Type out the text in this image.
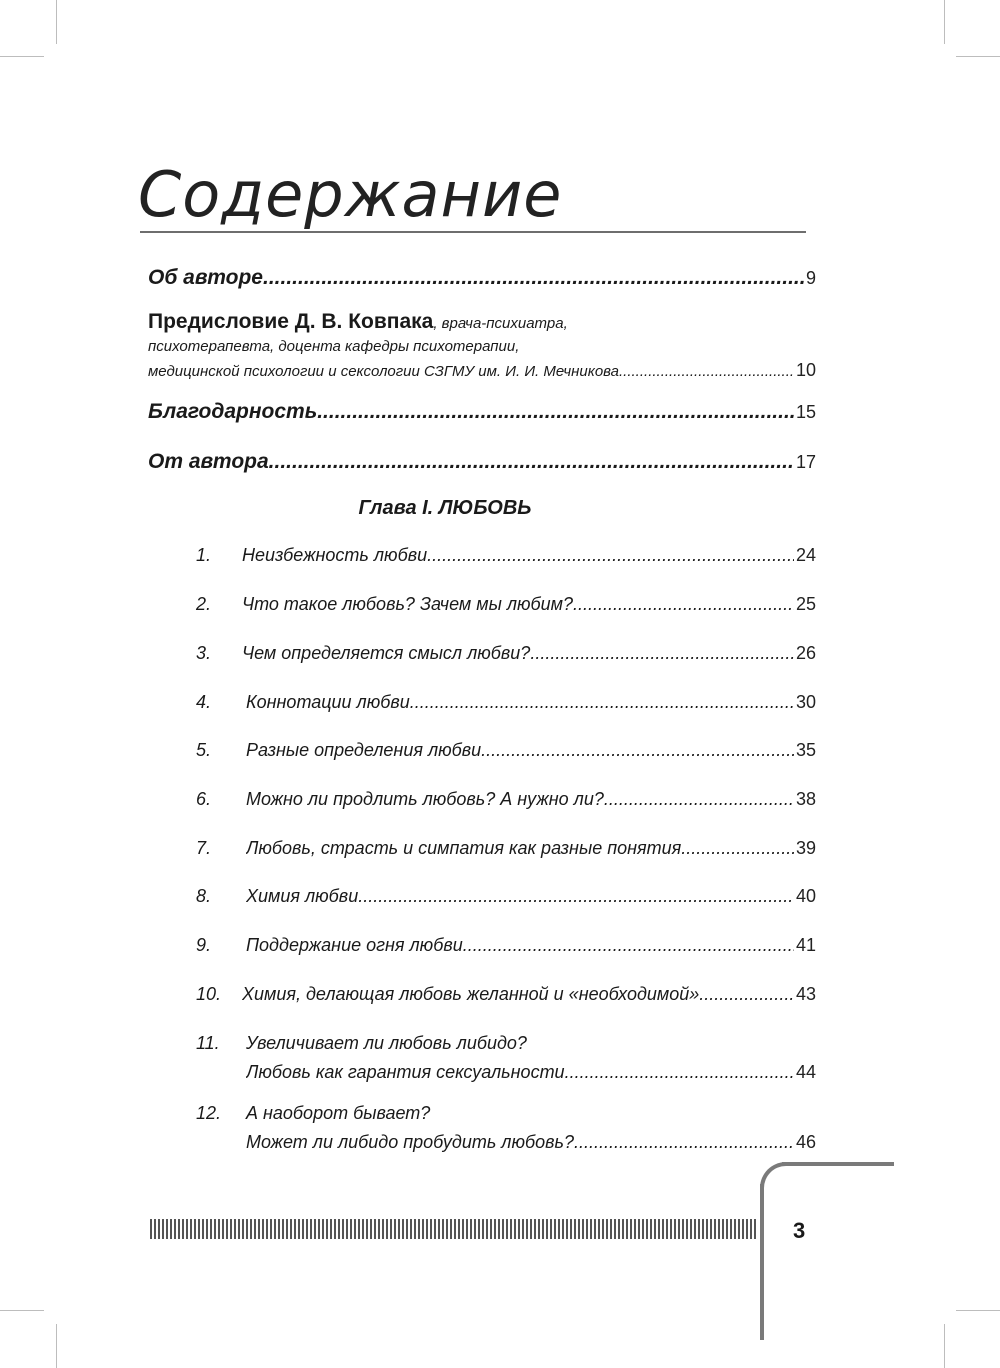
Содержание
Об авторе .....	9
Предисловие Д. В. Ковпака, врача-психиатра,
психотерапевта, доцента кафедры психотерапии,
медицинской психологии и сексологии СЗГМУ им. И. И. Мечникова .....	10
Благодарность .....	15
От автора .....	17
Глава I. ЛЮБОВЬ
1. Неизбежность любви .....	24
2. Что такое любовь? Зачем мы любим? .....	25
3. Чем определяется смысл любви? .....	26
4. Коннотации любви .....	30
5. Разные определения любви .....	35
6. Можно ли продлить любовь? А нужно ли? .....	38
7. Любовь, страсть и симпатия как разные понятия .....	39
8. Химия любви .....	40
9. Поддержание огня любви .....	41
10. Химия, делающая любовь желанной и «необходимой» .....	43
11. Увеличивает ли любовь либидо?
Любовь как гарантия сексуальности .....	44
12. А наоборот бывает?
Может ли либидо пробудить любовь? .....	46
3
